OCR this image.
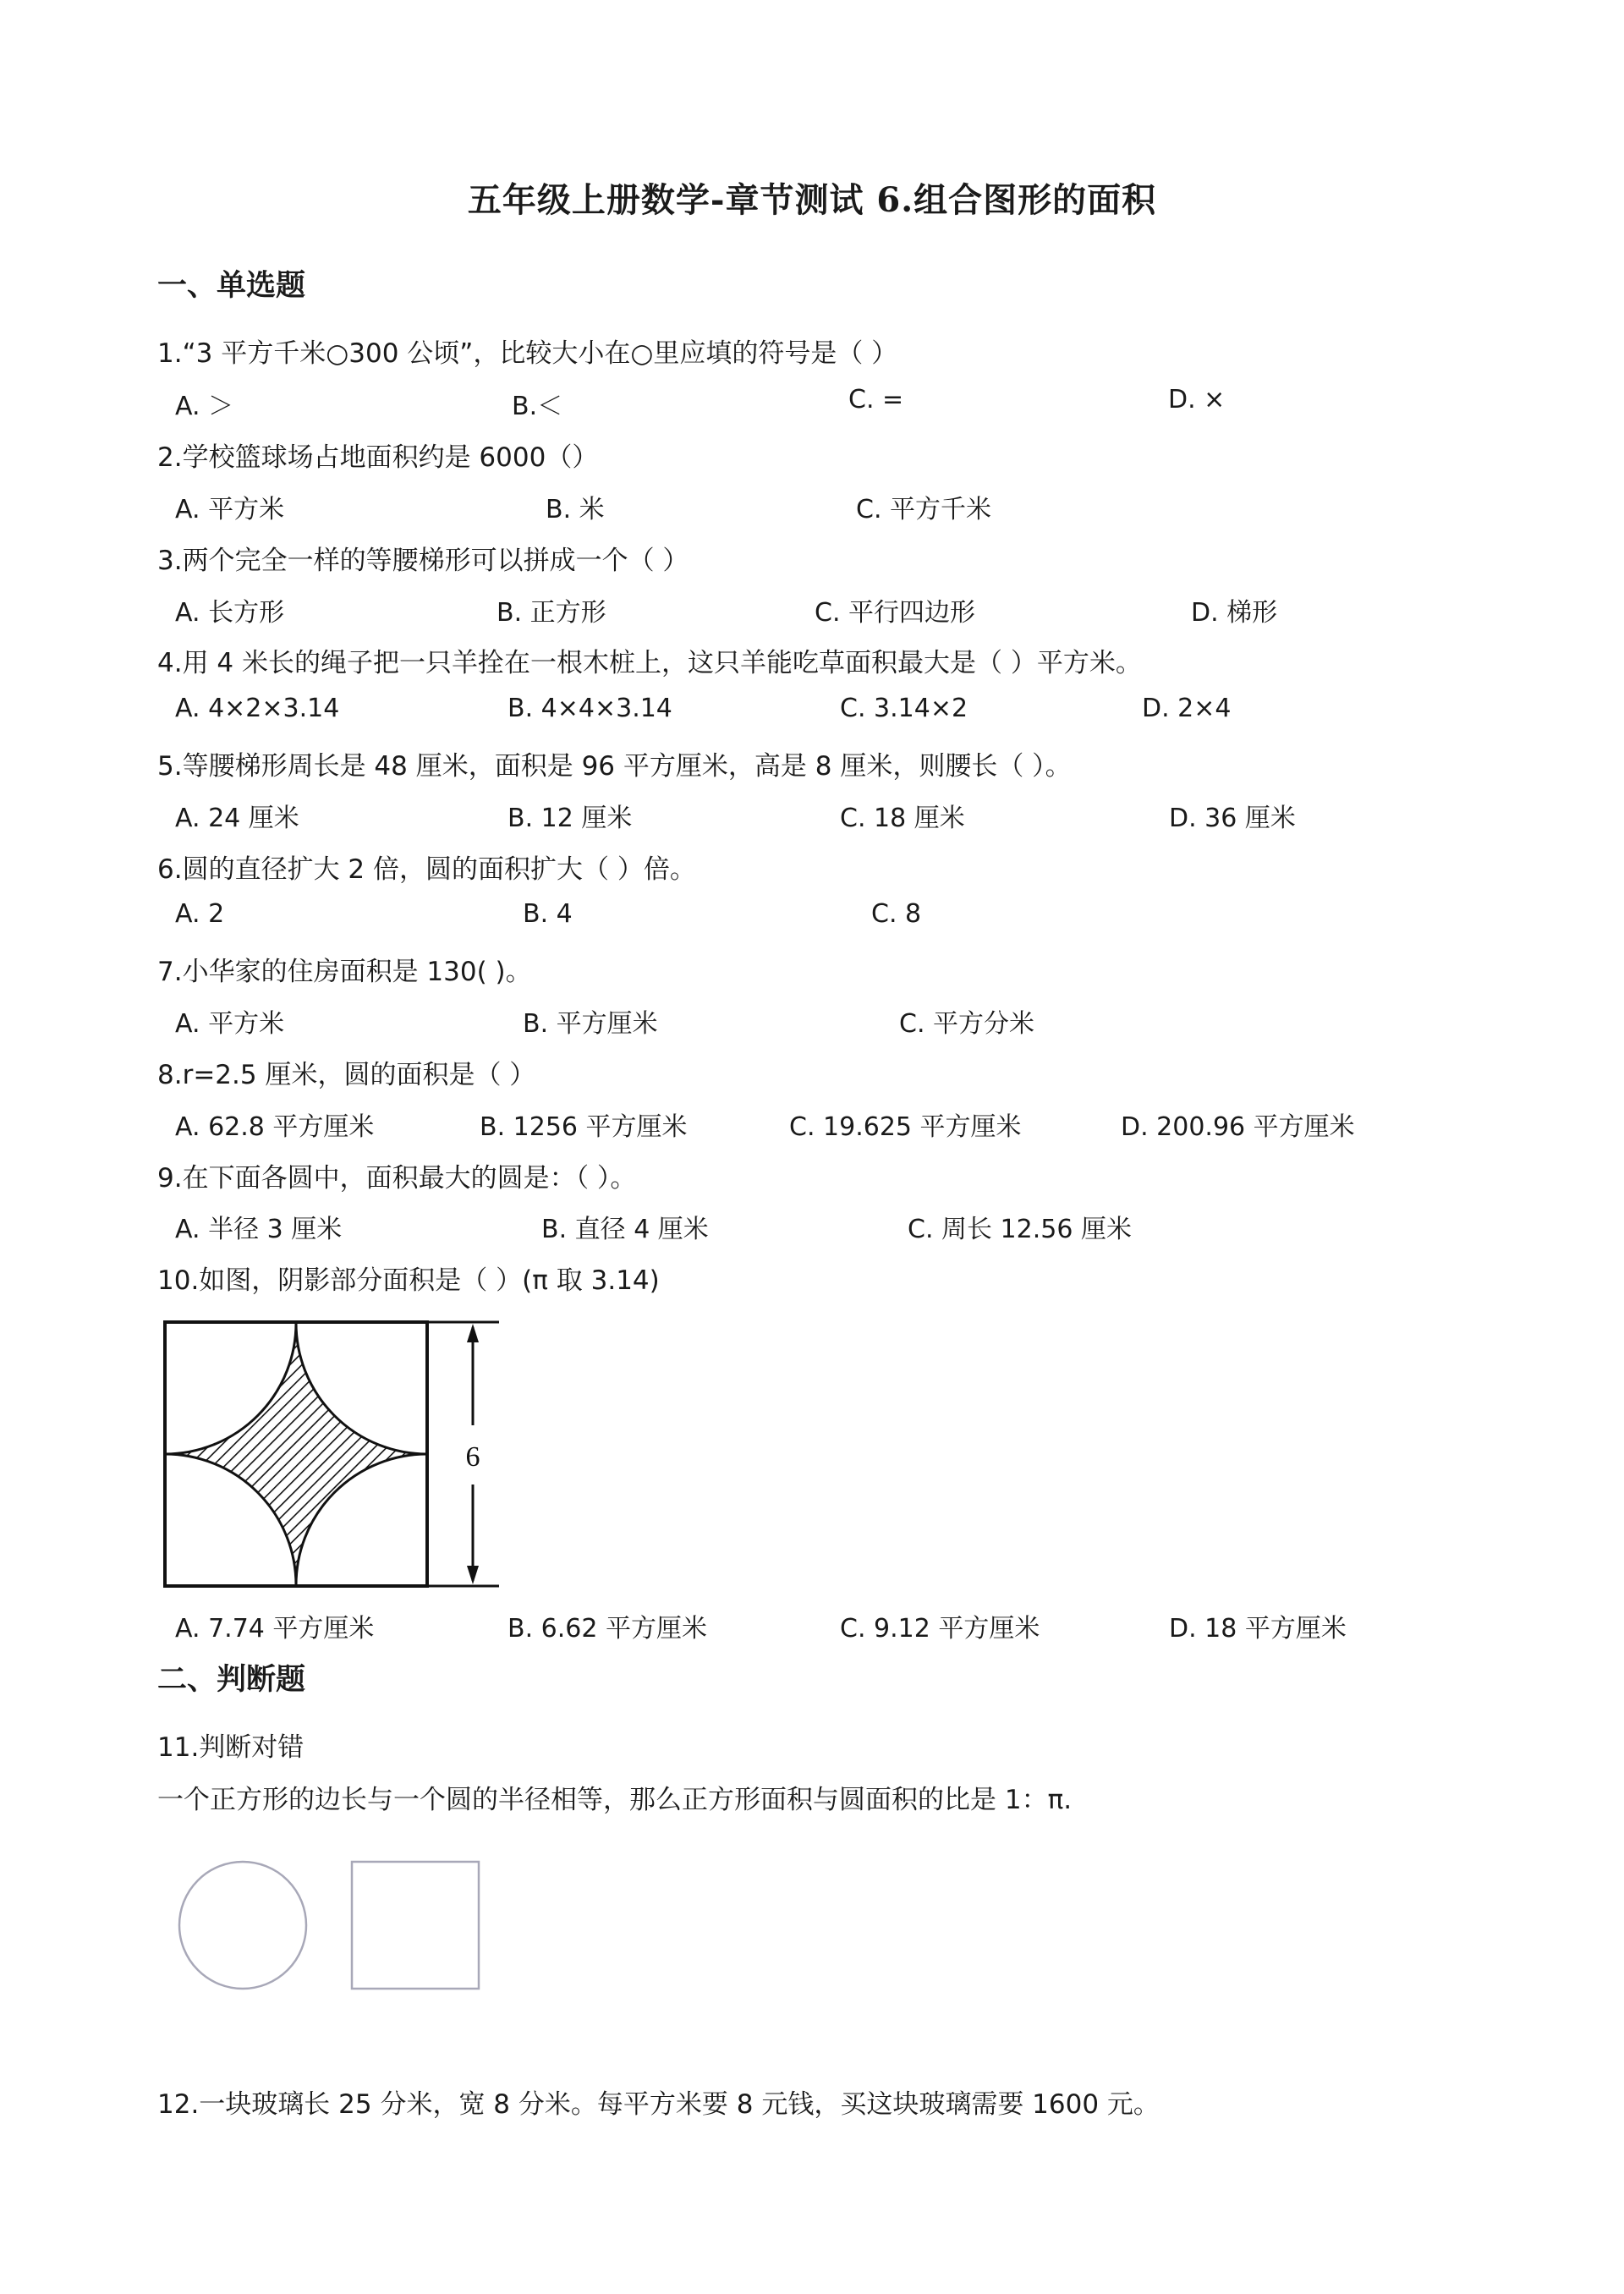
五年级上册数学-章节测试 6.组合图形的面积
一、单选题
1.“3 平方千米○300 公顷”，比较大小在○里应填的符号是（ ）
A. ＞	B.＜	C. =	D. ×
2.学校篮球场占地面积约是 6000（）
A. 平方米	B. 米	C. 平方千米
3.两个完全一样的等腰梯形可以拼成一个（ ）
A. 长方形	B. 正方形	C. 平行四边形	D. 梯形
4.用 4 米长的绳子把一只羊拴在一根木桩上，这只羊能吃草面积最大是（ ）平方米。
A. 4×2×3.14	B. 4×4×3.14	C. 3.14×2	D. 2×4
5.等腰梯形周长是 48 厘米，面积是 96 平方厘米，高是 8 厘米，则腰长（ ）。
A. 24 厘米	B. 12 厘米	C. 18 厘米	D. 36 厘米
6.圆的直径扩大 2 倍，圆的面积扩大（ ）倍。
A. 2	B. 4	C. 8
7.小华家的住房面积是 130( )。
A. 平方米	B. 平方厘米	C. 平方分米
8.r=2.5 厘米，圆的面积是（ ）
A. 62.8 平方厘米	B. 1256 平方厘米	C. 19.625 平方厘米	D. 200.96 平方厘米
9.在下面各圆中，面积最大的圆是：（ ）。
A. 半径 3 厘米	B. 直径 4 厘米	C. 周长 12.56 厘米
10.如图，阴影部分面积是（ ）(π 取 3.14)
6
A. 7.74 平方厘米	B. 6.62 平方厘米	C. 9.12 平方厘米	D. 18 平方厘米
二、判断题
11.判断对错
一个正方形的边长与一个圆的半径相等，那么正方形面积与圆面积的比是 1：π.
12.一块玻璃长 25 分米，宽 8 分米。每平方米要 8 元钱，买这块玻璃需要 1600 元。
